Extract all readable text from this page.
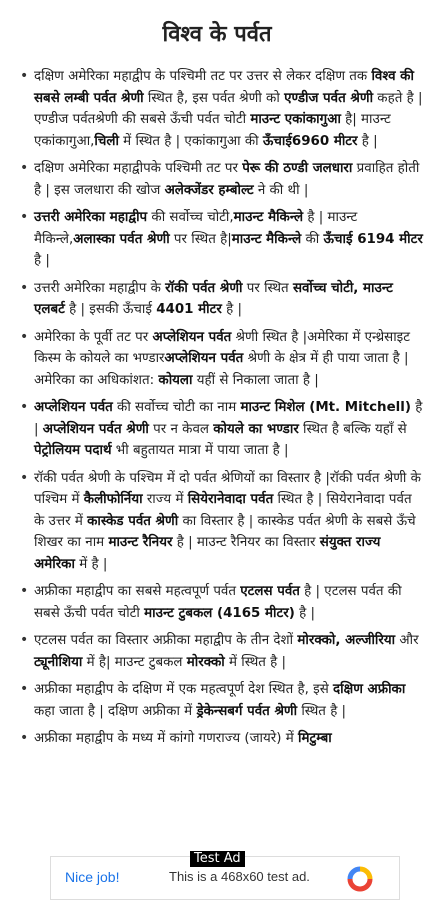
विश्व के पर्वत
• दक्षिण अमेरिका महाद्वीप के पश्चिमी तट पर उत्तर से लेकर दक्षिण तक विश्व की सबसे लम्बी पर्वत श्रेणी स्थित है, इस पर्वत श्रेणी को एण्डीज पर्वत श्रेणी कहते है | एण्डीज पर्वतश्रेणी की सबसे ऊँची पर्वत चोटी माउन्ट एकांकागुआ है| माउन्ट एकांकागुआ,चिली में स्थित है | एकांकागुआ की ऊँचाई6960 मीटर है |
• दक्षिण अमेरिका महाद्वीपके पश्चिमी तट पर पेरू की ठण्डी जलधारा प्रवाहित होती है | इस जलधारा की खोज अलेक्जेंडर हम्बोल्ट ने की थी |
• उत्तरी अमेरिका महाद्वीप की सर्वोच्च चोटी,माउन्ट मैकिन्ले है | माउन्ट मैकिन्ले,अलास्का पर्वत श्रेणी पर स्थित है|माउन्ट मैकिन्ले की ऊँचाई 6194 मीटर है |
• उत्तरी अमेरिका महाद्वीप के रॉकी पर्वत श्रेणी पर स्थित सर्वोच्च चोटी, माउन्ट एलबर्ट है | इसकी ऊँचाई 4401 मीटर है |
• अमेरिका के पूर्वी तट पर अप्लेशियन पर्वत श्रेणी स्थित है |अमेरिका में एन्थ्रेसाइट किस्म के कोयले का भण्डारअप्लेशियन पर्वत श्रेणी के क्षेत्र में ही पाया जाता है | अमेरिका का अधिकांशत: कोयला यहीं से निकाला जाता है |
• अप्लेशियन पर्वत की सर्वोच्च चोटी का नाम माउन्ट मिशेल (Mt. Mitchell) है | अप्लेशियन पर्वत श्रेणी पर न केवल कोयले का भण्डार स्थित है बल्कि यहाँ से पेट्रोलियम पदार्थ भी बहुतायत मात्रा में पाया जाता है |
• रॉकी पर्वत श्रेणी के पश्चिम में दो पर्वत श्रेणियों का विस्तार है |रॉकी पर्वत श्रेणी के पश्चिम में कैलीफोर्निया राज्य में सियेरानेवादा पर्वत स्थित है | सियेरानेवादा पर्वत के उत्तर में कास्केड पर्वत श्रेणी का विस्तार है | कास्केड पर्वत श्रेणी के सबसे ऊँचे शिखर का नाम माउन्ट रैनियर है | माउन्ट रैनियर का विस्तार संयुक्त राज्य अमेरिका में है |
• अफ्रीका महाद्वीप का सबसे महत्वपूर्ण पर्वत एटलस पर्वत है | एटलस पर्वत की सबसे ऊँची पर्वत चोटी माउन्ट टुबकल (4165 मीटर) है |
• एटलस पर्वत का विस्तार अफ्रीका महाद्वीप के तीन देशों मोरक्को, अल्जीरिया और ट्यूनीशिया में है| माउन्ट टुबकल मोरक्को में स्थित है |
• अफ्रीका महाद्वीप के दक्षिण में एक महत्वपूर्ण देश स्थित है, इसे दक्षिण अफ्रीका कहा जाता है | दक्षिण अफ्रीका में ड्रेकेन्सबर्ग पर्वत श्रेणी स्थित है |
• अफ्रीका महाद्वीप के मध्य में कांगो गणराज्य (जायरे) में मिटुम्बा
Nice job!	This is a 468x60 test ad.
Test Ad
